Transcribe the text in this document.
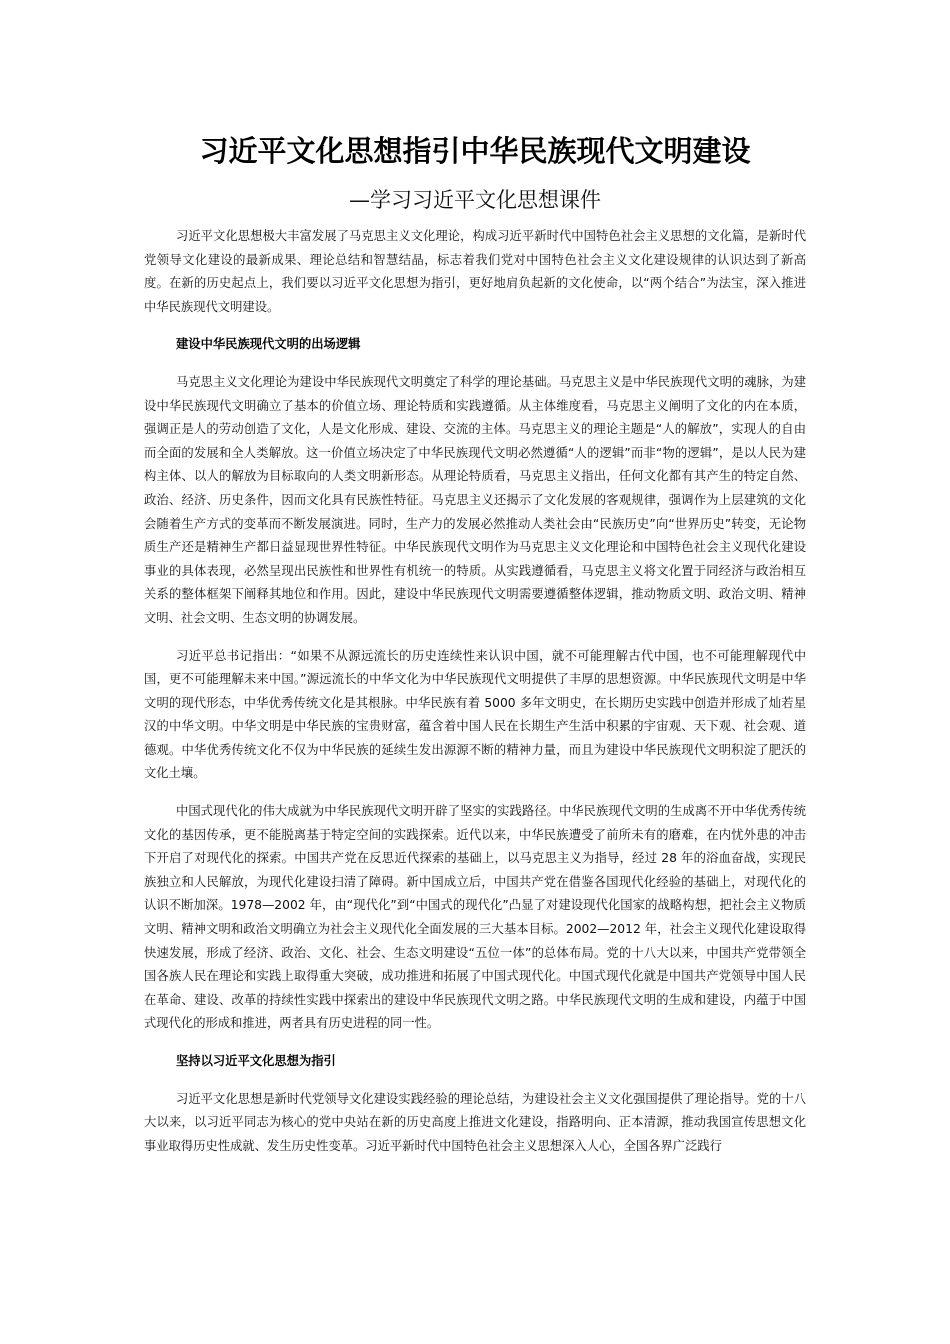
习近平文化思想指引中华民族现代文明建设
—学习习近平文化思想课件

习近平文化思想极大丰富发展了马克思主义文化理论，构成习近平新时代中国特色社会主义思想的文化篇，是新时代党领导文化建设的最新成果、理论总结和智慧结晶，标志着我们党对中国特色社会主义文化建设规律的认识达到了新高度。在新的历史起点上，我们要以习近平文化思想为指引，更好地肩负起新的文化使命，以“两个结合”为法宝，深入推进中华民族现代文明建设。

建设中华民族现代文明的出场逻辑

马克思主义文化理论为建设中华民族现代文明奠定了科学的理论基础。马克思主义是中华民族现代文明的魂脉，为建设中华民族现代文明确立了基本的价值立场、理论特质和实践遵循。从主体维度看，马克思主义阐明了文化的内在本质，强调正是人的劳动创造了文化，人是文化形成、建设、交流的主体。马克思主义的理论主题是“人的解放”，实现人的自由而全面的发展和全人类解放。这一价值立场决定了中华民族现代文明必然遵循“人的逻辑”而非“物的逻辑”，是以人民为建构主体、以人的解放为目标取向的人类文明新形态。从理论特质看，马克思主义指出，任何文化都有其产生的特定自然、政治、经济、历史条件，因而文化具有民族性特征。马克思主义还揭示了文化发展的客观规律，强调作为上层建筑的文化会随着生产方式的变革而不断发展演进。同时，生产力的发展必然推动人类社会由“民族历史”向“世界历史”转变，无论物质生产还是精神生产都日益显现世界性特征。中华民族现代文明作为马克思主义文化理论和中国特色社会主义现代化建设事业的具体表现，必然呈现出民族性和世界性有机统一的特质。从实践遵循看，马克思主义将文化置于同经济与政治相互关系的整体框架下阐释其地位和作用。因此，建设中华民族现代文明需要遵循整体逻辑，推动物质文明、政治文明、精神文明、社会文明、生态文明的协调发展。

习近平总书记指出：“如果不从源远流长的历史连续性来认识中国，就不可能理解古代中国，也不可能理解现代中国，更不可能理解未来中国。”源远流长的中华文化为中华民族现代文明提供了丰厚的思想资源。中华民族现代文明是中华文明的现代形态，中华优秀传统文化是其根脉。中华民族有着 5000 多年文明史，在长期历史实践中创造并形成了灿若星汉的中华文明。中华文明是中华民族的宝贵财富，蕴含着中国人民在长期生产生活中积累的宇宙观、天下观、社会观、道德观。中华优秀传统文化不仅为中华民族的延续生发出源源不断的精神力量，而且为建设中华民族现代文明积淀了肥沃的文化土壤。

中国式现代化的伟大成就为中华民族现代文明开辟了坚实的实践路径。中华民族现代文明的生成离不开中华优秀传统文化的基因传承，更不能脱离基于特定空间的实践探索。近代以来，中华民族遭受了前所未有的磨难，在内忧外患的冲击下开启了对现代化的探索。中国共产党在反思近代探索的基础上，以马克思主义为指导，经过 28 年的浴血奋战，实现民族独立和人民解放，为现代化建设扫清了障碍。新中国成立后，中国共产党在借鉴各国现代化经验的基础上，对现代化的认识不断加深。1978—2002 年，由“现代化”到“中国式的现代化”凸显了对建设现代化国家的战略构想，把社会主义物质文明、精神文明和政治文明确立为社会主义现代化全面发展的三大基本目标。2002—2012 年，社会主义现代化建设取得快速发展，形成了经济、政治、文化、社会、生态文明建设“五位一体”的总体布局。党的十八大以来，中国共产党带领全国各族人民在理论和实践上取得重大突破，成功推进和拓展了中国式现代化。中国式现代化就是中国共产党领导中国人民在革命、建设、改革的持续性实践中探索出的建设中华民族现代文明之路。中华民族现代文明的生成和建设，内蕴于中国式现代化的形成和推进，两者具有历史进程的同一性。

坚持以习近平文化思想为指引

习近平文化思想是新时代党领导文化建设实践经验的理论总结，为建设社会主义文化强国提供了理论指导。党的十八大以来，以习近平同志为核心的党中央站在新的历史高度上推进文化建设，指路明向、正本清源，推动我国宣传思想文化事业取得历史性成就、发生历史性变革。习近平新时代中国特色社会主义思想深入人心，全国各界广泛践行
